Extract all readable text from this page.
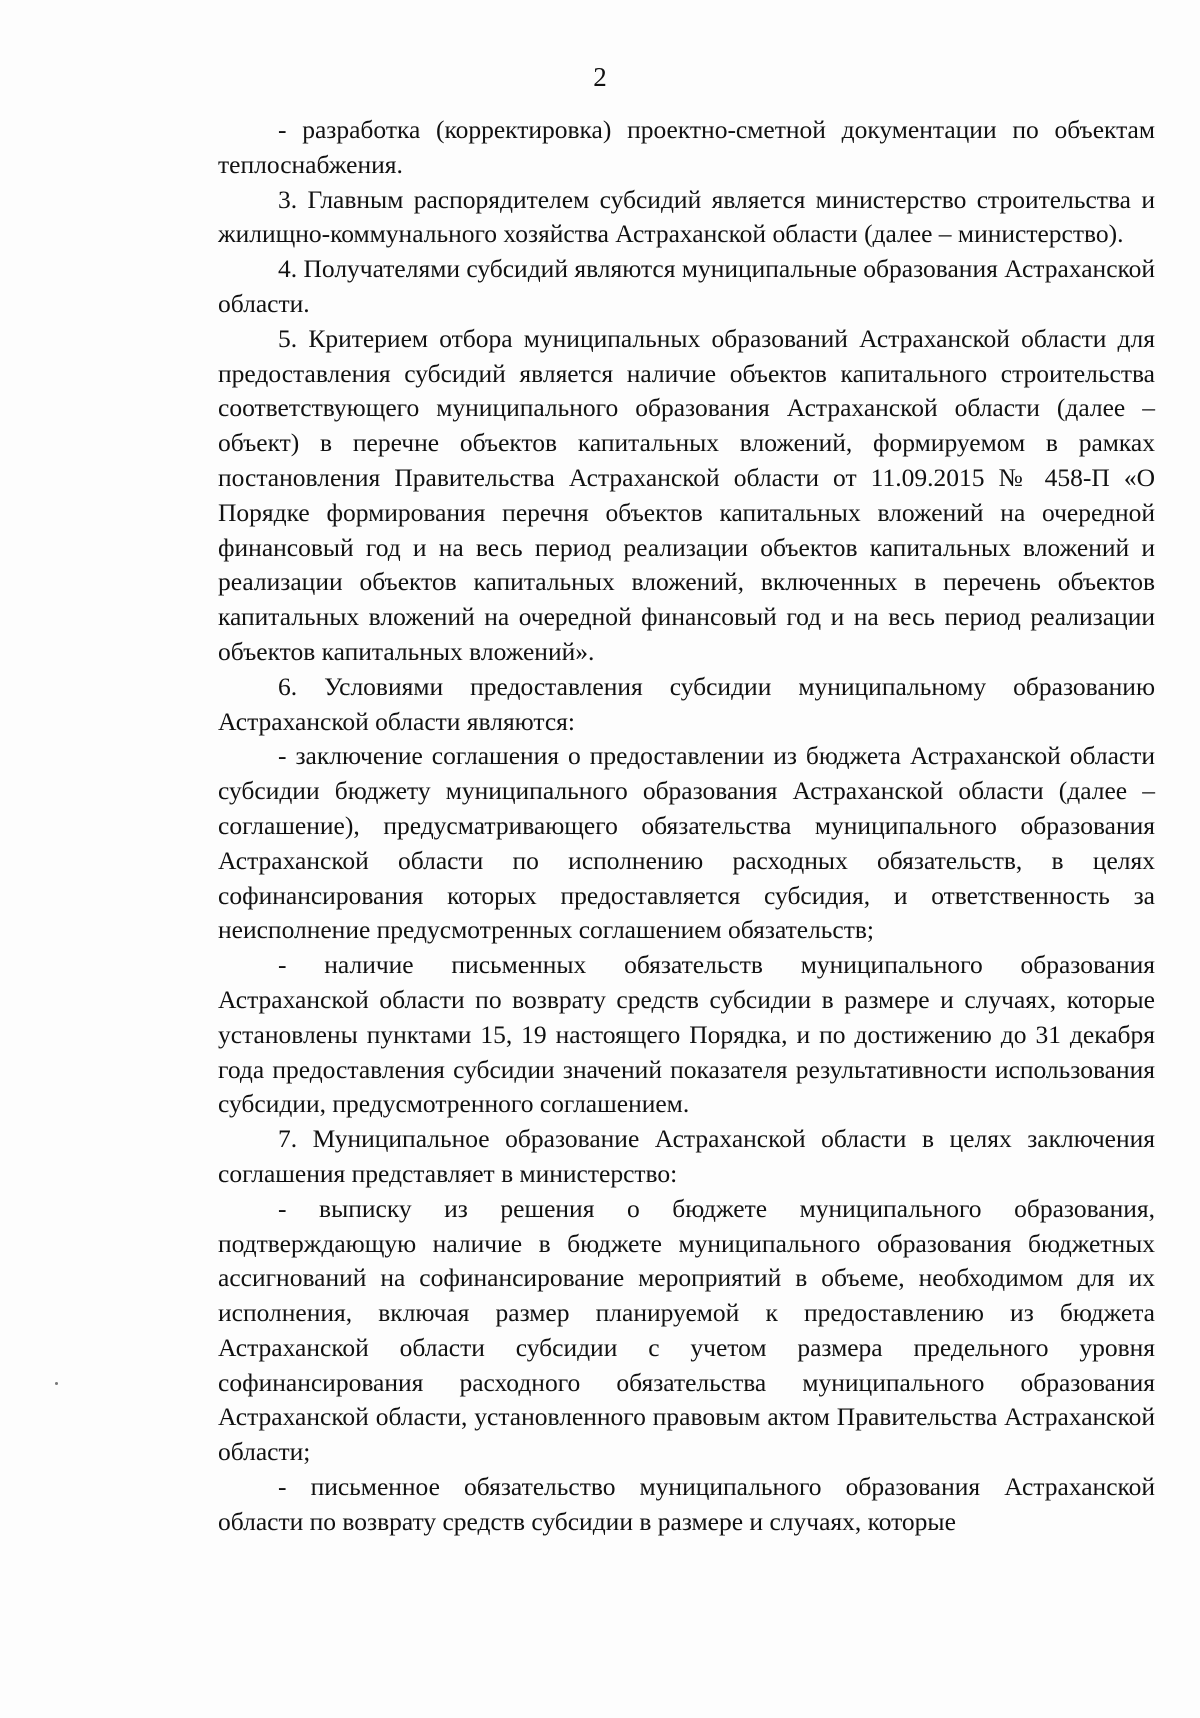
2

- разработка (корректировка) проектно-сметной документации по объектам теплоснабжения.

3. Главным распорядителем субсидий является министерство строительства и жилищно-коммунального хозяйства Астраханской области (далее – министерство).

4. Получателями субсидий являются муниципальные образования Астраханской области.

5. Критерием отбора муниципальных образований Астраханской области для предоставления субсидий является наличие объектов капитального строительства соответствующего муниципального образования Астраханской области (далее – объект) в перечне объектов капитальных вложений, формируемом в рамках постановления Правительства Астраханской области от 11.09.2015 № 458-П «О Порядке формирования перечня объектов капитальных вложений на очередной финансовый год и на весь период реализации объектов капитальных вложений и реализации объектов капитальных вложений, включенных в перечень объектов капитальных вложений на очередной финансовый год и на весь период реализации объектов капитальных вложений».

6. Условиями предоставления субсидии муниципальному образованию Астраханской области являются:

- заключение соглашения о предоставлении из бюджета Астраханской области субсидии бюджету муниципального образования Астраханской области (далее – соглашение), предусматривающего обязательства муниципального образования Астраханской области по исполнению расходных обязательств, в целях софинансирования которых предоставляется субсидия, и ответственность за неисполнение предусмотренных соглашением обязательств;

- наличие письменных обязательств муниципального образования Астраханской области по возврату средств субсидии в размере и случаях, которые установлены пунктами 15, 19 настоящего Порядка, и по достижению до 31 декабря года предоставления субсидии значений показателя результативности использования субсидии, предусмотренного соглашением.

7. Муниципальное образование Астраханской области в целях заключения соглашения представляет в министерство:

- выписку из решения о бюджете муниципального образования, подтверждающую наличие в бюджете муниципального образования бюджетных ассигнований на софинансирование мероприятий в объеме, необходимом для их исполнения, включая размер планируемой к предоставлению из бюджета Астраханской области субсидии с учетом размера предельного уровня софинансирования расходного обязательства муниципального образования Астраханской области, установленного правовым актом Правительства Астраханской области;

- письменное обязательство муниципального образования Астраханской области по возврату средств субсидии в размере и случаях, которые
